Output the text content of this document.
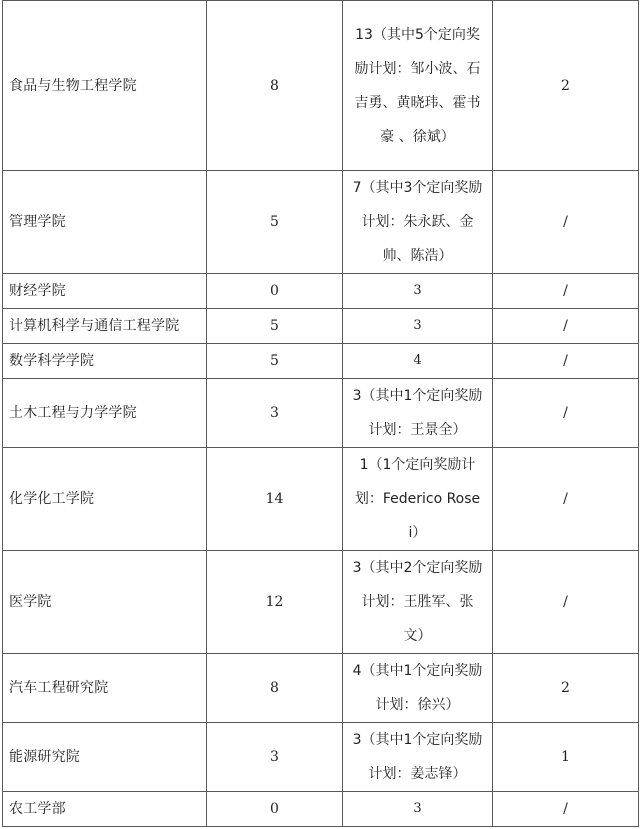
食品与生物工程学院	8	13（其中5个定向奖励计划：邹小波、石吉勇、黄晓玮、霍书豪 、徐斌）	2
管理学院	5	7（其中3个定向奖励计划：朱永跃、金帅、陈浩）	/
财经学院	0	3	/
计算机科学与通信工程学院	5	3	/
数学科学学院	5	4	/
土木工程与力学学院	3	3（其中1个定向奖励计划：王景全）	/
化学化工学院	14	1（1个定向奖励计划：Federico Rosei）	/
医学院	12	3（其中2个定向奖励计划：王胜军、张文）	/
汽车工程研究院	8	4（其中1个定向奖励计划：徐兴）	2
能源研究院	3	3（其中1个定向奖励计划：姜志锋）	1
农工学部	0	3	/
